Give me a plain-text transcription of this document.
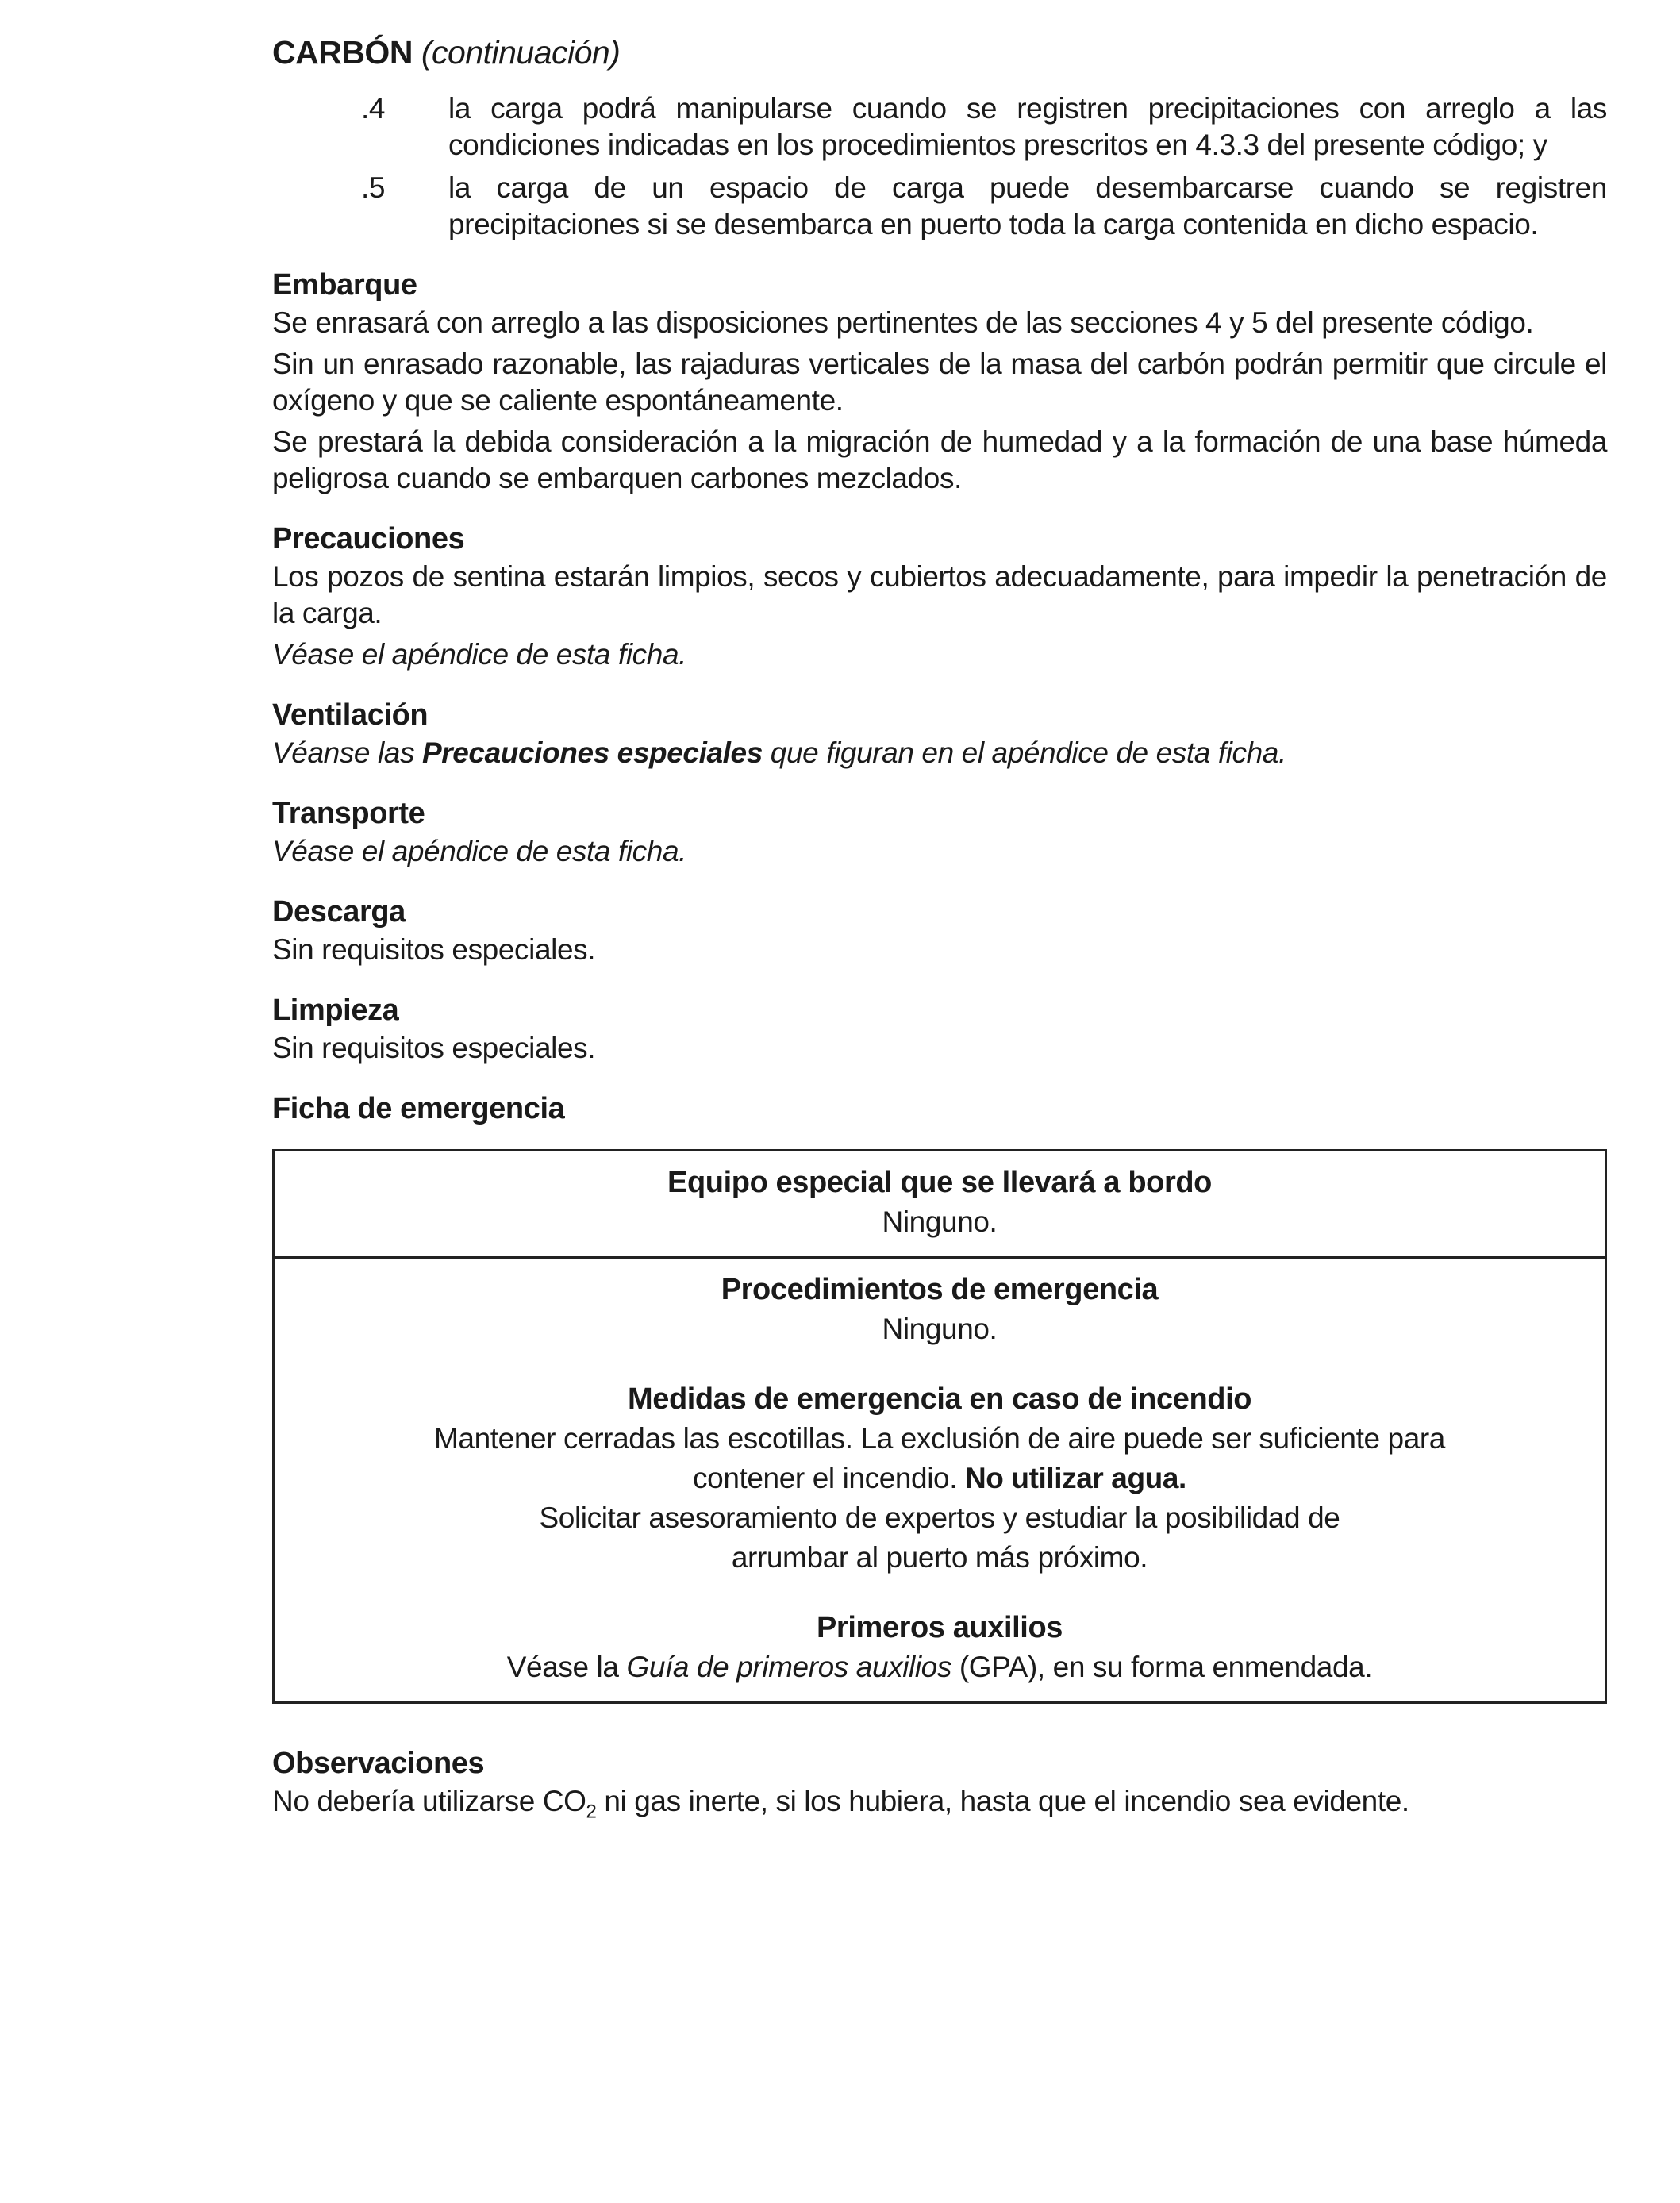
CARBÓN (continuación)
.4	la carga podrá manipularse cuando se registren precipitaciones con arreglo a las condiciones indicadas en los procedimientos prescritos en 4.3.3 del presente código; y
.5	la carga de un espacio de carga puede desembarcarse cuando se registren precipitaciones si se desembarca en puerto toda la carga contenida en dicho espacio.
Embarque

Se enrasará con arreglo a las disposiciones pertinentes de las secciones 4 y 5 del presente código.

Sin un enrasado razonable, las rajaduras verticales de la masa del carbón podrán permitir que circule el oxígeno y que se caliente espontáneamente.

Se prestará la debida consideración a la migración de humedad y a la formación de una base húmeda peligrosa cuando se embarquen carbones mezclados.

Precauciones

Los pozos de sentina estarán limpios, secos y cubiertos adecuadamente, para impedir la penetración de la carga.

Véase el apéndice de esta ficha.

Ventilación

Véanse las Precauciones especiales que figuran en el apéndice de esta ficha.

Transporte

Véase el apéndice de esta ficha.

Descarga

Sin requisitos especiales.

Limpieza

Sin requisitos especiales.

Ficha de emergencia
Equipo especial que se llevará a bordo

Ninguno.

Procedimientos de emergencia

Ninguno.

Medidas de emergencia en caso de incendio

Mantener cerradas las escotillas. La exclusión de aire puede ser suficiente para

contener el incendio. No utilizar agua.

Solicitar asesoramiento de expertos y estudiar la posibilidad de

arrumbar al puerto más próximo.

Primeros auxilios

Véase la Guía de primeros auxilios (GPA), en su forma enmendada.

Observaciones

No debería utilizarse $CO_2$ ni gas inerte, si los hubiera, hasta que el incendio sea evidente.
